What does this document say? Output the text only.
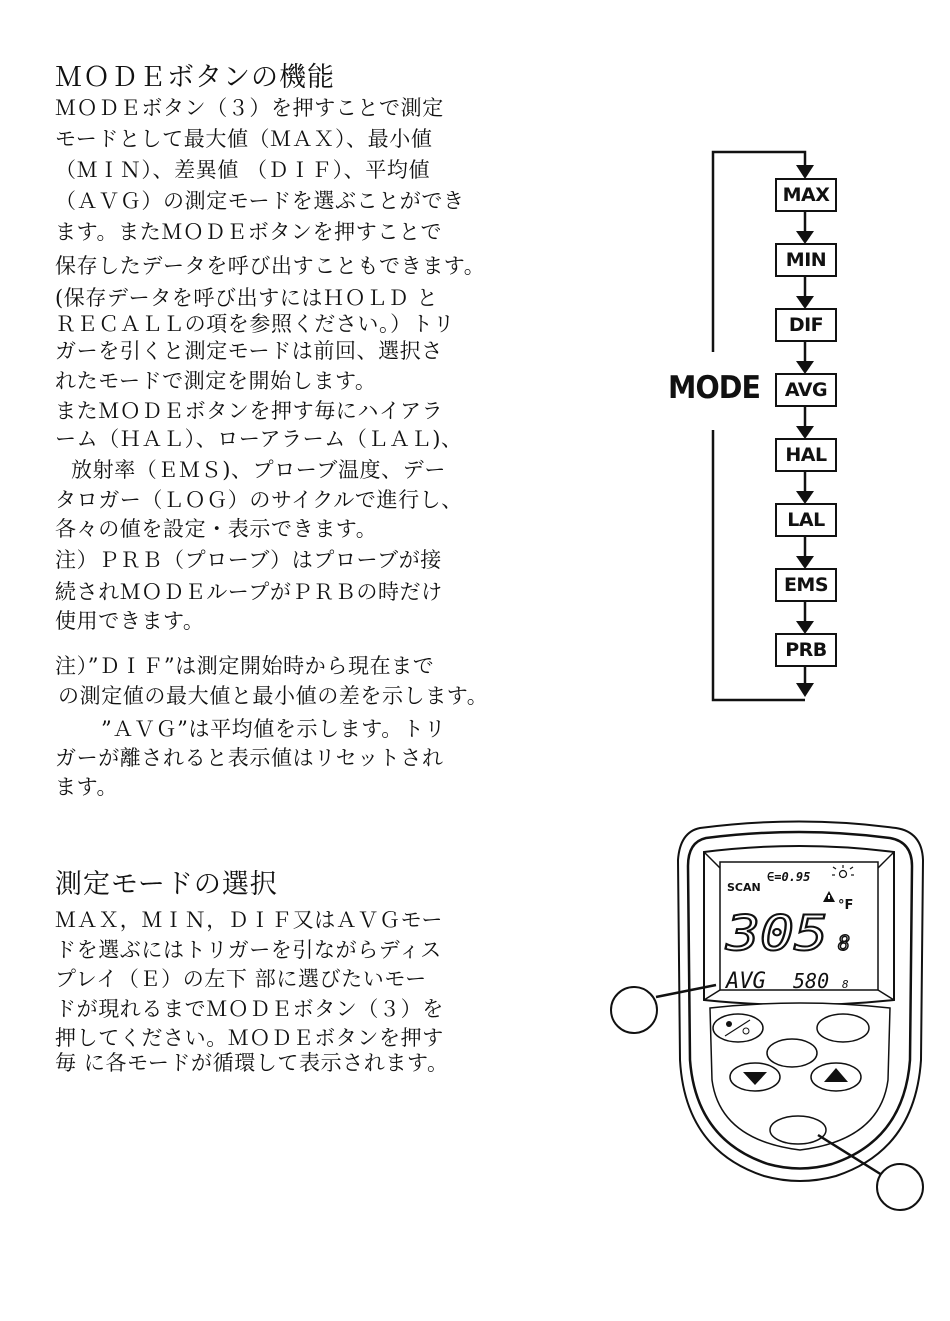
ＭＯＤＥボタンの機能
ＭＯＤＥボタン（３）を押すことで測定
モードとして最大値（ＭＡＸ）、最小値
（ＭＩＮ）、差異値 （ＤＩＦ）、平均値
（ＡＶＧ）の測定モードを選ぶことができ
ます。またＭＯＤＥボタンを押すことで
保存したデータを呼び出すこともできます。
(保存データを呼び出すにはＨＯＬＤ と
ＲＥＣＡＬＬの項を参照ください。）トリ
ガーを引くと測定モードは前回、選択さ
れたモードで測定を開始します。
またＭＯＤＥボタンを押す毎にハイアラ
ーム（ＨＡＬ）、ローアラーム（ＬＡＬ)、
放射率（ＥＭＳ)、プローブ温度、デー
タロガー（ＬＯＧ）のサイクルで進行し、
各々の値を設定・表示できます。
注）ＰＲＢ（プローブ）はプローブが接
続されＭＯＤＥループがＰＲＢの時だけ
使用できます。
注）”ＤＩＦ”は測定開始時から現在まで
の測定値の最大値と最小値の差を示します。
”ＡＶＧ”は平均値を示します。トリ
ガーが離されると表示値はリセットされ
ます。
MODE
MAX
MIN
DIF
AVG
HAL
LAL
EMS
PRB
測定モードの選択
ＭＡＸ，ＭＩＮ，ＤＩＦ又はＡＶＧモー
ドを選ぶにはトリガーを引ながらディス
プレイ（Ｅ）の左下 部に選びたいモー
ドが現れるまでＭＯＤＥボタン（３）を
押してください。ＭＯＤＥボタンを押す
毎 に各モードが循環して表示されます。
SCAN
∈=0.95
°F
305 8
AVG 580 8
